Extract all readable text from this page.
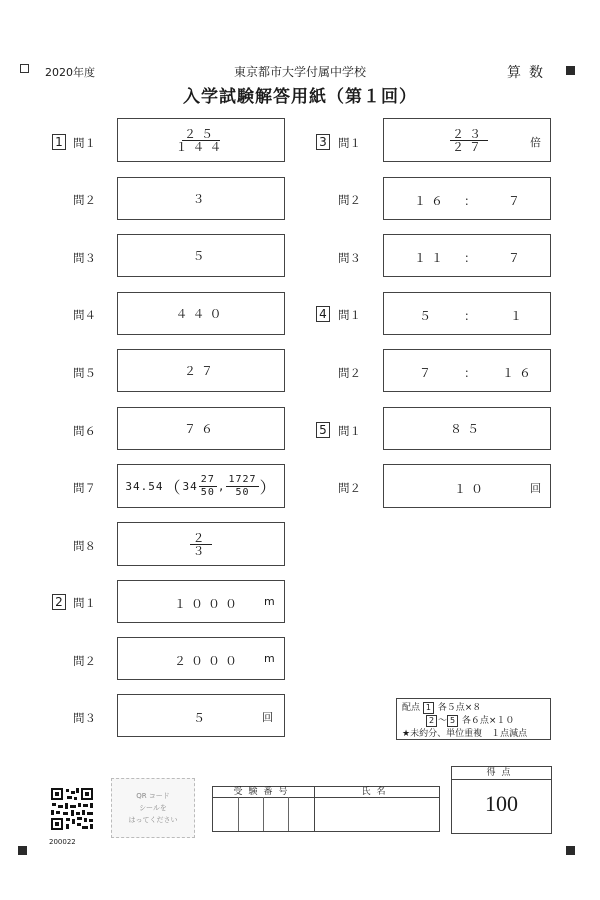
2020年度	東京都市大学付属中学校
入学試験解答用紙（第１回）
算数
1 問１	$\frac{25}{144}$
問２	３
問３	５
問４	４４０
問５	２７
問６	７６
問７	34.54 （ $34 \frac{27}{50}$ , $\frac{1727}{50}$ ）
問８	$\frac{2}{3}$
2 問１	１０００ m
問２	２０００ m
問３	５	回
3 問１	$\frac{23}{27}$	倍
問２	１６ ： ７
問３	１１ ： ７
4 問１	５ ： １
問２	７ ： １６
5 問１	８５
問２	１０	回
配点 1 各５点×８
2 ～ 5 各６点×１０
★未約分、単位重複　１点減点
200022
QR コード
シールを
はってください
受験番号	氏名
得点
100
